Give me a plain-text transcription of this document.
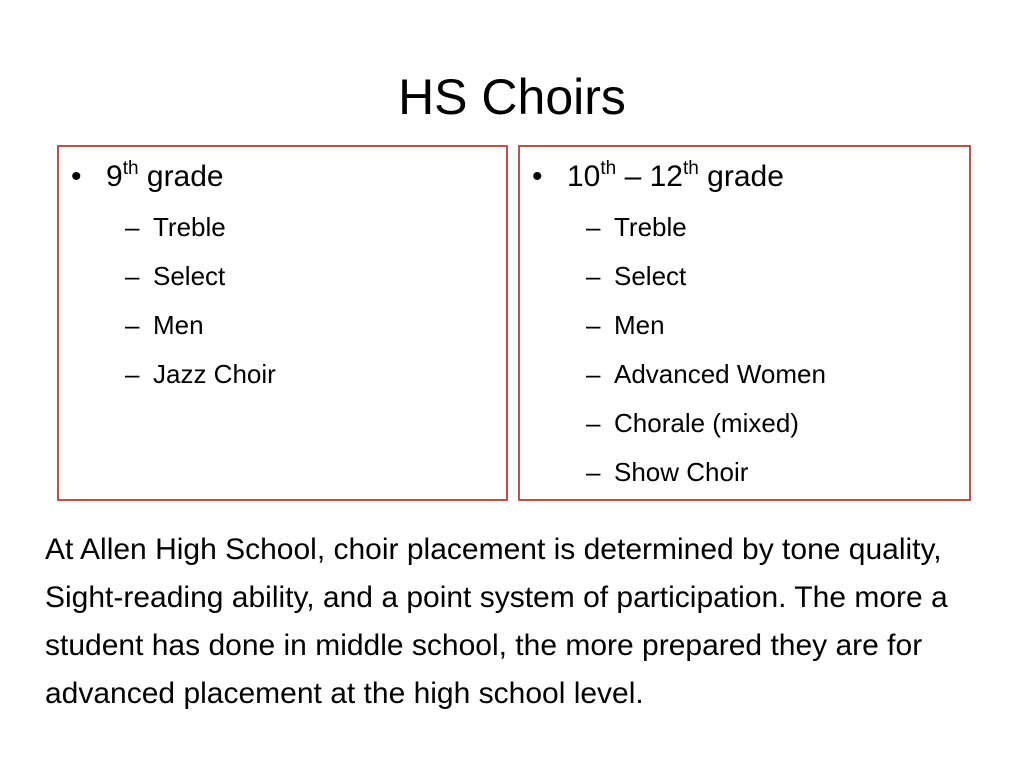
HS Choirs
• 9th grade
– Treble
– Select
– Men
– Jazz Choir
• 10th – 12th grade
– Treble
– Select
– Men
– Advanced Women
– Chorale (mixed)
– Show Choir

At Allen High School, choir placement is determined by tone quality, Sight-reading ability, and a point system of participation. The more a student has done in middle school, the more prepared they are for advanced placement at the high school level.
